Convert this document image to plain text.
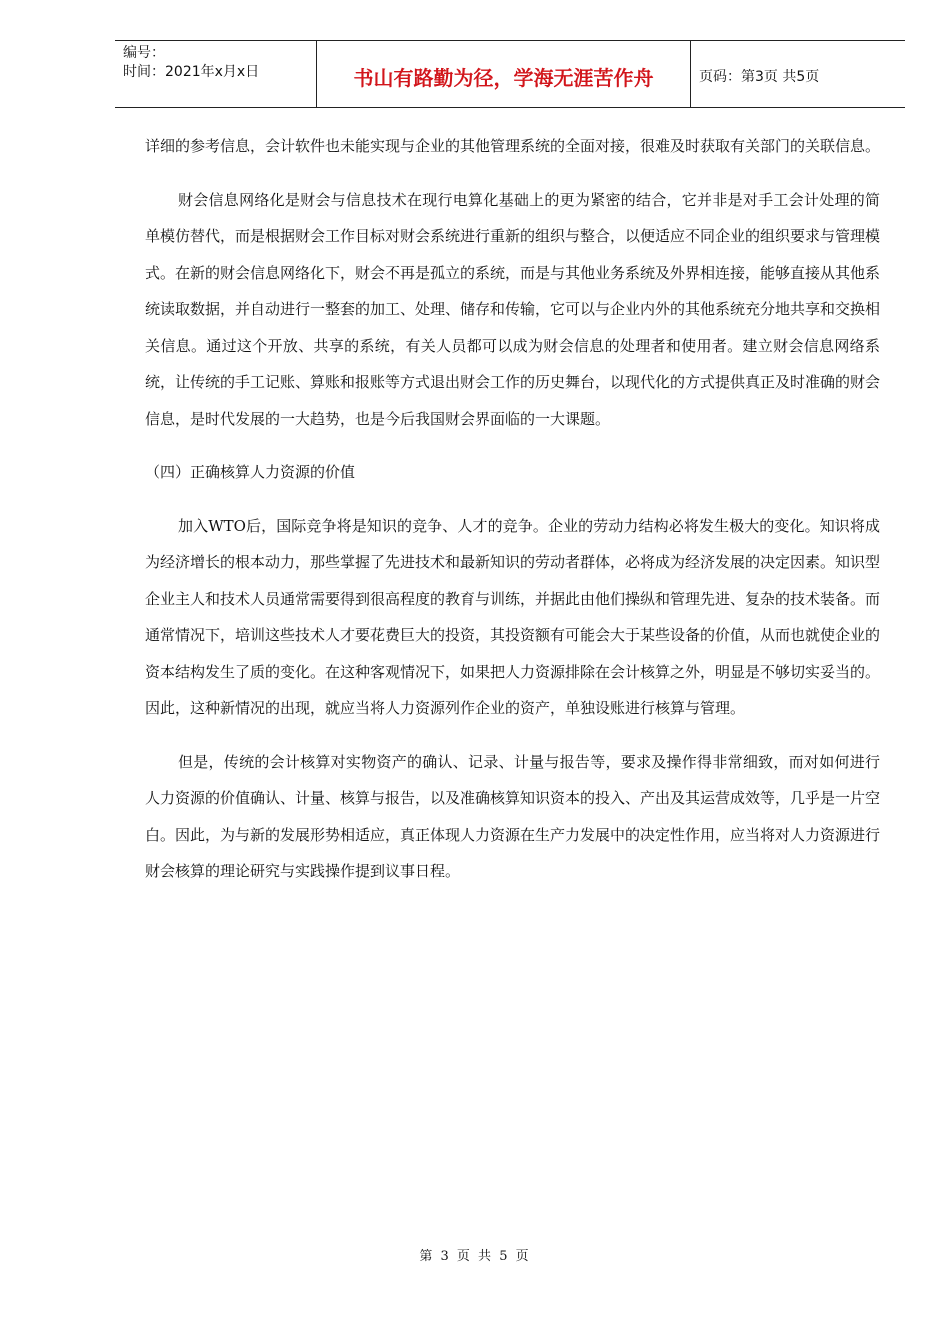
编号：
时间：2021年x月x日	书山有路勤为径，学海无涯苦作舟	页码：第3页 共5页

详细的参考信息，会计软件也未能实现与企业的其他管理系统的全面对接，很难及时获取有关部门的关联信息。

财会信息网络化是财会与信息技术在现行电算化基础上的更为紧密的结合，它并非是对手工会计处理的简单模仿替代，而是根据财会工作目标对财会系统进行重新的组织与整合，以便适应不同企业的组织要求与管理模式。在新的财会信息网络化下，财会不再是孤立的系统，而是与其他业务系统及外界相连接，能够直接从其他系统读取数据，并自动进行一整套的加工、处理、储存和传输，它可以与企业内外的其他系统充分地共享和交换相关信息。通过这个开放、共享的系统，有关人员都可以成为财会信息的处理者和使用者。建立财会信息网络系统，让传统的手工记账、算账和报账等方式退出财会工作的历史舞台，以现代化的方式提供真正及时准确的财会信息，是时代发展的一大趋势，也是今后我国财会界面临的一大课题。

（四）正确核算人力资源的价值

加入WTO后，国际竞争将是知识的竞争、人才的竞争。企业的劳动力结构必将发生极大的变化。知识将成为经济增长的根本动力，那些掌握了先进技术和最新知识的劳动者群体，必将成为经济发展的决定因素。知识型企业主人和技术人员通常需要得到很高程度的教育与训练，并据此由他们操纵和管理先进、复杂的技术装备。而通常情况下，培训这些技术人才要花费巨大的投资，其投资额有可能会大于某些设备的价值，从而也就使企业的资本结构发生了质的变化。在这种客观情况下，如果把人力资源排除在会计核算之外，明显是不够切实妥当的。因此，这种新情况的出现，就应当将人力资源列作企业的资产，单独设账进行核算与管理。

但是，传统的会计核算对实物资产的确认、记录、计量与报告等，要求及操作得非常细致，而对如何进行人力资源的价值确认、计量、核算与报告，以及准确核算知识资本的投入、产出及其运营成效等，几乎是一片空白。因此，为与新的发展形势相适应，真正体现人力资源在生产力发展中的决定性作用，应当将对人力资源进行财会核算的理论研究与实践操作提到议事日程。

第 3 页 共 5 页
